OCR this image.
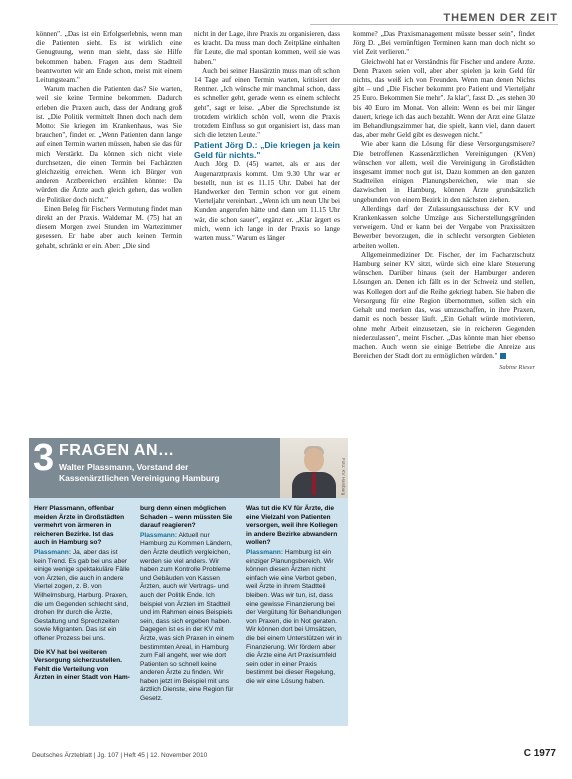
THEMEN DER ZEIT

können". „Das ist ein Erfolgserlebnis, wenn man die Patienten sieht. Es ist wirklich eine Genugtuung, wenn man sieht, dass sie Hilfe bekommen haben. Fragen aus dem Stadtteil beantworten wir am Ende schon, meist mit einem Leitungsteam."

Warum machen die Patienten das? Sie warten, weil sie keine Termine bekommen. Dadurch erleben die Praxen auch, dass der Andrang groß ist. „Die Politik vermittelt Ihnen doch nach dem Motto: Sie kriegen im Krankenhaus, was Sie brauchen", findet er. „Wenn Patienten dann lange auf einen Termin warten müssen, haben sie das für mich Verstärkt. Da können sich nicht viele durchsetzen, die einen Termin bei Fachärzten gleichzeitig erreichen. Wenn ich Bürger von anderen Arztbereichen erzählen könnte: Da würden die Ärzte auch gleich gehen, das wollen die Politiker doch nicht."

Einen Beleg für Fischers Vermutung findet man direkt an der Praxis. Waldemar M. (75) hat an diesem Morgen zwei Stunden im Wartezimmer gesessen. Er habe aber auch keinen Termin gehabt, schränkt er ein. Aber: „Die sind

nicht in der Lage, ihre Praxis zu organisieren, dass es kracht. Da muss man doch Zeitpläne einhalten für Leute, die mal spontan kommen, weil sie was haben."

Auch bei seiner Hausärztin muss man oft schon 14 Tage auf einen Termin warten, kritisiert der Rentner. „Ich wünsche mir manchmal schon, dass es schneller geht, gerade wenn es einem schlecht geht", sagt er leise. „Aber die Sprechstunde ist trotzdem wirklich schön voll, wenn die Praxis trotzdem Einfluss so gut organisiert ist, dass man sich die letzten Leute."

Patient Jörg D.: „Die kriegen ja kein Geld für nichts."

Auch Jörg D. (45) wartet, als er aus der Augenarztpraxis kommt. Um 9.30 Uhr war er bestellt, nun ist es 11.15 Uhr. Dabei hat der Handwerker den Termin schon vor gut einem Vierteljahr vereinbart. „Wenn ich um neun Uhr bei Kunden angerufen hätte und dann um 11.15 Uhr wär, die schon sauer", ergänzt er. „Klar ärgert es mich, wenn ich lange in der Praxis so lange warten muss." Warum es länger

komme? „Das Praxismanagement müsste besser sein", findet Jörg D. „Bei vernünftigen Terminen kann man doch nicht so viel Zeit verlieren."

Gleichwohl hat er Verständnis für Fischer und andere Ärzte. Denn Praxen seien voll, aber aber spielen ja kein Geld für nichts, das weiß ich von Freunden. Wenn man denen Nichts gibt – und „Die Fischer bekommt pro Patient und Vierteljahr 25 Euro. Bekommen Sie mehr". Ja klar", fasst D. „es stehen 30 bis 40 Euro im Monat. Von allein: Wenn es bei mir länger dauert, kriege ich das auch bezahlt. Wenn der Arzt eine Glatze im Behandlungszimmer hat, die spielt, kann viel, dann dauert das, aber mehr Geld gibt es deswegen nicht."

Wie aber kann die Lösung für diese Versorgungsmisere? Die betroffenen Kassenärztlichen Vereinigungen (KVen) wünschen vor allem, weil die Vereinigung in Großstädten insgesamt immer noch gut ist, Dazu kommen an den ganzen Stadtteilen einigen Planungsbereichen, wie man sie dazwischen in Hamburg, können Ärzte grundsätzlich ungebunden von einem Bezirk in den nächsten ziehen.

Allerdings darf der Zulassungsausschuss der KV und Krankenkassen solche Umzüge aus Sicherstellungsgründen verweigern. Und er kann bei der Vergabe von Praxissitzen Bewerber bevorzugen, die in schlecht versorgten Gebieten arbeiten wollen.

Allgemeinmediziner Dr. Fischer, der im Facharztschutz Hamburg seiner KV sitzt, würde sich eine klare Steuerung wünschen. Darüber hinaus (seit der Hamburger anderen Lösungen an. Denen ich fällt es in der Schweiz und stellen, was Kollegen dort auf die Reihe gekriegt haben. Sie haben die Versorgung für eine Region übernommen, sollen sich ein Gehalt und merken das, was umzuschaffen, in ihre Praxen, damit es noch besser läuft. „Ein Gehalt würde motivieren, ohne mehr Arbeit einzusetzen, sie in reicheren Gegenden niederzulassen", meint Fischer. „Das könnte man hier ebenso machen. Auch wenn sie einige Betriebe die Anreize aus Bereichen der Stadt dort zu ermöglichen würden."

Sabine Rieser
3 FRAGEN AN…
Walter Plassmann, Vorstand der Kassenärztlichen Vereinigung Hamburg	Foto: KV Hamburg
Herr Plassmann, offenbar meiden Ärzte in Großstädten vermehrt von ärmeren in reicheren Bezirke. Ist das auch in Hamburg so?
Plassmann: Ja, aber das ist kein Trend. Es gab bei uns aber einige wenige spektakuläre Fälle von Ärzten, die auch in andere Viertel zogen, z. B. von Wilhelmsburg, Harburg. Praxen, die um Gegenden schlecht sind, drohen Ihr durch die Ärzte, Gestaltung und Sprechzeiten sowie Migranten. Das ist ein offener Prozess bei uns.
Die KV hat bei weiteren Versorgung sicherzustellen. Fehlt die Verteilung von Ärzten in einer Stadt von Ham-
burg denn einen möglichen Schaden – wenn müssten Sie darauf reagieren?
Plassmann: Aktuell nur Hamburg zu Kommen Ländern, den Ärzte deutlich vergleichen, werden sie viel anders. Wir haben zum Kontrolle Probleme und Gebäuden von Kassen Ärzten, auch wir Vertrags- und auch der Politik Ende. Ich beispiel von Ärzten im Stadtteil und im Rahmen eines Beispiels sein, dass sich ergeben haben. Dagegen ist es in der KV mit Ärzte, was sich Praxen in einem bestimmten Areal, in Hamburg zum Fall angeht, wer wie dort Patienten so schnell keine anderen Ärzte zu finden. Wir haben jetzt im Beispiel mit uns ärztlich Dienste, eine Region für Gesetz.
Was tut die KV für Ärzte, die eine Vielzahl von Patienten versorgen, weil ihre Kollegen in andere Bezirke abwandern wollen?
Plassmann: Hamburg ist ein einziger Planungsbereich. Wir können diesen Ärzten nicht einfach wie eine Verbot geben, weil Ärzte in ihrem Stadtteil bleiben. Was wir tun, ist, dass eine gewisse Finanzierung bei der Vergütung für Behandlungen von Praxen, die in Not geraten. Wir können dort bei Umsätzen, die bei einem Unterstützen wir in Finanzierung. Wir fördern aber die Ärzte eine Art Praxisumfeld sein oder in einer Praxis bestimmt bei dieser Regelung, die wir eine Lösung haben.
Deutsches Ärzteblatt | Jg. 107 | Heft 45 | 12. November 2010	C 1977
